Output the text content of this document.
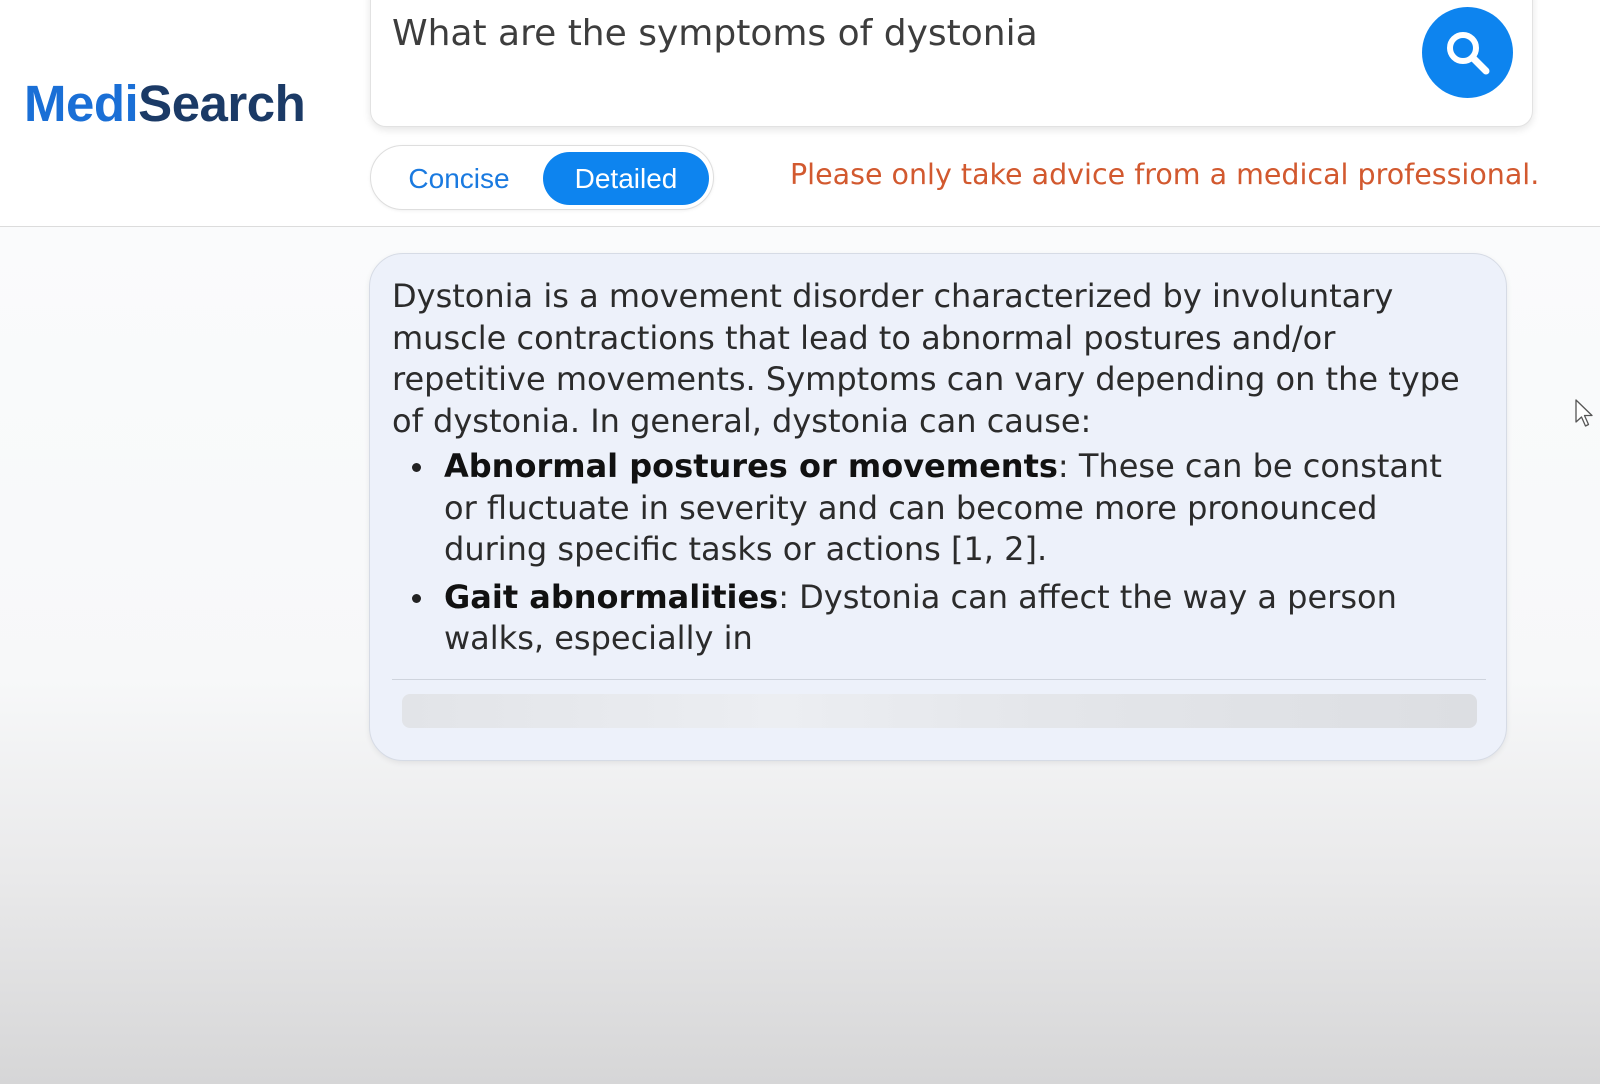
MediSearch
What are the symptoms of dystonia
Concise	Detailed	Please only take advice from a medical professional.
Dystonia is a movement disorder characterized by involuntary muscle contractions that lead to abnormal postures and/or repetitive movements. Symptoms can vary depending on the type of dystonia. In general, dystonia can cause:
Abnormal postures or movements: These can be constant or fluctuate in severity and can become more pronounced during specific tasks or actions [1, 2].
Gait abnormalities: Dystonia can affect the way a person walks, especially in
